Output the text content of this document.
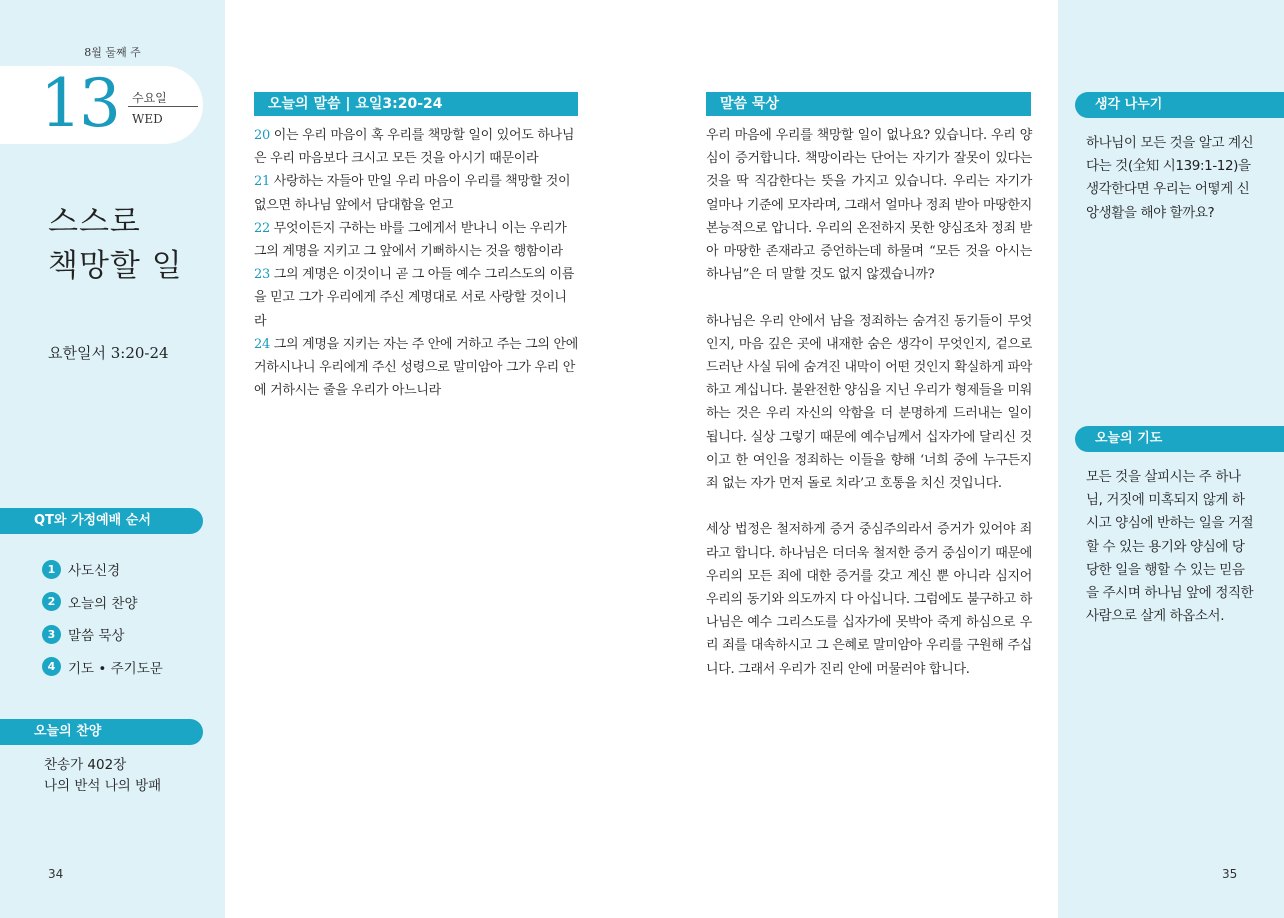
8월 둘째 주
13 수요일
WED
스스로
책망할 일
요한일서 3:20-24
QT와 가정예배 순서
1 사도신경
2 오늘의 찬양
3 말씀 묵상
4 기도 • 주기도문
오늘의 찬양
찬송가 402장
나의 반석 나의 방패
34
오늘의 말씀 | 요일3:20-24
20 이는 우리 마음이 혹 우리를 책망할 일이 있어도 하나님은 우리 마음보다 크시고 모든 것을 아시기 때문이라
21 사랑하는 자들아 만일 우리 마음이 우리를 책망할 것이 없으면 하나님 앞에서 담대함을 얻고
22 무엇이든지 구하는 바를 그에게서 받나니 이는 우리가 그의 계명을 지키고 그 앞에서 기뻐하시는 것을 행함이라
23 그의 계명은 이것이니 곧 그 아들 예수 그리스도의 이름을 믿고 그가 우리에게 주신 계명대로 서로 사랑할 것이니라
24 그의 계명을 지키는 자는 주 안에 거하고 주는 그의 안에 거하시나니 우리에게 주신 성령으로 말미암아 그가 우리 안에 거하시는 줄을 우리가 아느니라
말씀 묵상

우리 마음에 우리를 책망할 일이 없나요? 있습니다. 우리 양심이 증거합니다. 책망이라는 단어는 자기가 잘못이 있다는 것을 딱 직감한다는 뜻을 가지고 있습니다. 우리는 자기가 얼마나 기준에 모자라며, 그래서 얼마나 정죄 받아 마땅한지 본능적으로 압니다. 우리의 온전하지 못한 양심조차 정죄 받아 마땅한 존재라고 증언하는데 하물며 “모든 것을 아시는 하나님”은 더 말할 것도 없지 않겠습니까?

하나님은 우리 안에서 남을 정죄하는 숨겨진 동기들이 무엇인지, 마음 깊은 곳에 내재한 숨은 생각이 무엇인지, 겉으로 드러난 사실 뒤에 숨겨진 내막이 어떤 것인지 확실하게 파악하고 계십니다. 불완전한 양심을 지닌 우리가 형제들을 미워하는 것은 우리 자신의 악함을 더 분명하게 드러내는 일이 됩니다. 실상 그렇기 때문에 예수님께서 십자가에 달리신 것이고 한 여인을 정죄하는 이들을 향해 ‘너희 중에 누구든지 죄 없는 자가 먼저 돌로 치라’고 호통을 치신 것입니다.

세상 법정은 철저하게 증거 중심주의라서 증거가 있어야 죄라고 합니다. 하나님은 더더욱 철저한 증거 중심이기 때문에 우리의 모든 죄에 대한 증거를 갖고 계신 뿐 아니라 심지어 우리의 동기와 의도까지 다 아십니다. 그럼에도 불구하고 하나님은 예수 그리스도를 십자가에 못박아 죽게 하심으로 우리 죄를 대속하시고 그 은혜로 말미암아 우리를 구원해 주십니다. 그래서 우리가 진리 안에 머물러야 합니다.

생각 나누기
하나님이 모든 것을 알고 계신다는 것(全知 시139:1-12)을 생각한다면 우리는 어떻게 신앙생활을 해야 할까요?
오늘의 기도
모든 것을 살피시는 주 하나님, 거짓에 미혹되지 않게 하시고 양심에 반하는 일을 거절할 수 있는 용기와 양심에 당당한 일을 행할 수 있는 믿음을 주시며 하나님 앞에 정직한 사람으로 살게 하옵소서.
35
